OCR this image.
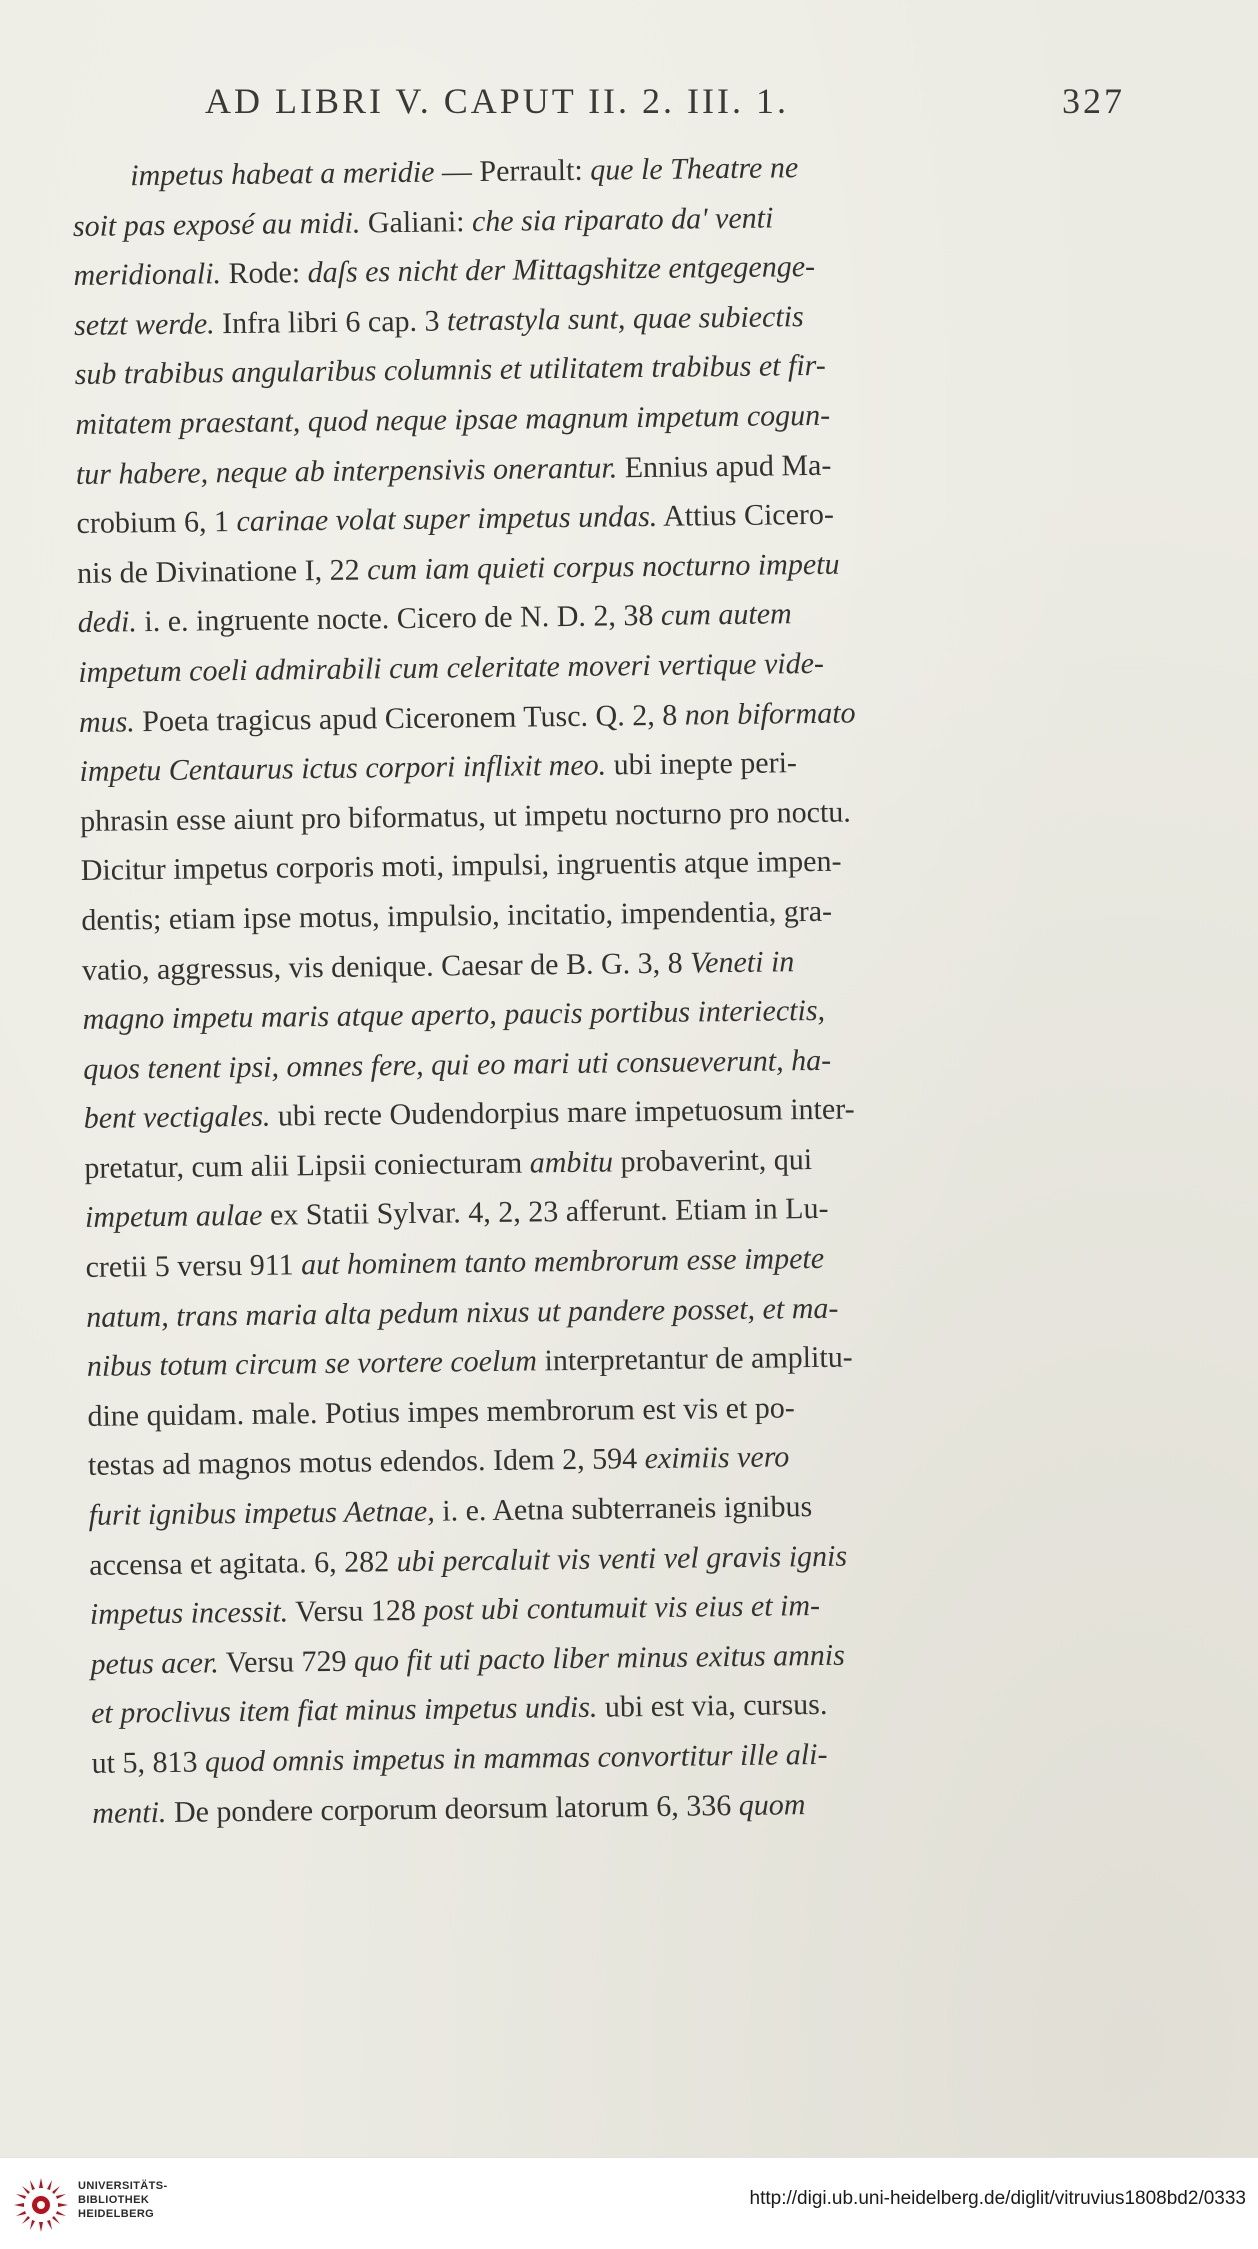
AD LIBRI V. CAPUT II. 2. III. 1.	327
impetus habeat a meridie — Perrault: que le Theatre ne
soit pas exposé au midi. Galiani: che sia riparato da' venti
meridionali. Rode: daſs es nicht der Mittagshitze entgegenge-
setzt werde. Infra libri 6 cap. 3 tetrastyla sunt, quae subiectis
sub trabibus angularibus columnis et utilitatem trabibus et fir-
mitatem praestant, quod neque ipsae magnum impetum cogun-
tur habere, neque ab interpensivis onerantur. Ennius apud Ma-
crobium 6, 1 carinae volat super impetus undas. Attius Cicero-
nis de Divinatione I, 22 cum iam quieti corpus nocturno impetu
dedi. i. e. ingruente nocte. Cicero de N. D. 2, 38 cum autem
impetum coeli admirabili cum celeritate moveri vertique vide-
mus. Poeta tragicus apud Ciceronem Tusc. Q. 2, 8 non biformato
impetu Centaurus ictus corpori inflixit meo. ubi inepte peri-
phrasin esse aiunt pro biformatus, ut impetu nocturno pro noctu.
Dicitur impetus corporis moti, impulsi, ingruentis atque impen-
dentis; etiam ipse motus, impulsio, incitatio, impendentia, gra-
vatio, aggressus, vis denique. Caesar de B. G. 3, 8 Veneti in
magno impetu maris atque aperto, paucis portibus interiectis,
quos tenent ipsi, omnes fere, qui eo mari uti consueverunt, ha-
bent vectigales. ubi recte Oudendorpius mare impetuosum inter-
pretatur, cum alii Lipsii coniecturam ambitu probaverint, qui
impetum aulae ex Statii Sylvar. 4, 2, 23 afferunt. Etiam in Lu-
cretii 5 versu 911 aut hominem tanto membrorum esse impete
natum, trans maria alta pedum nixus ut pandere posset, et ma-
nibus totum circum se vortere coelum interpretantur de amplitu-
dine quidam. male. Potius impes membrorum est vis et po-
testas ad magnos motus edendos. Idem 2, 594 eximiis vero
furit ignibus impetus Aetnae, i. e. Aetna subterraneis ignibus
accensa et agitata. 6, 282 ubi percaluit vis venti vel gravis ignis
impetus incessit. Versu 128 post ubi contumuit vis eius et im-
petus acer. Versu 729 quo fit uti pacto liber minus exitus amnis
et proclivus item fiat minus impetus undis. ubi est via, cursus.
ut 5, 813 quod omnis impetus in mammas convortitur ille ali-
menti. De pondere corporum deorsum latorum 6, 336 quom
UNIVERSITÄTS-
BIBLIOTHEK
HEIDELBERG
http://digi.ub.uni-heidelberg.de/diglit/vitruvius1808bd2/0333
